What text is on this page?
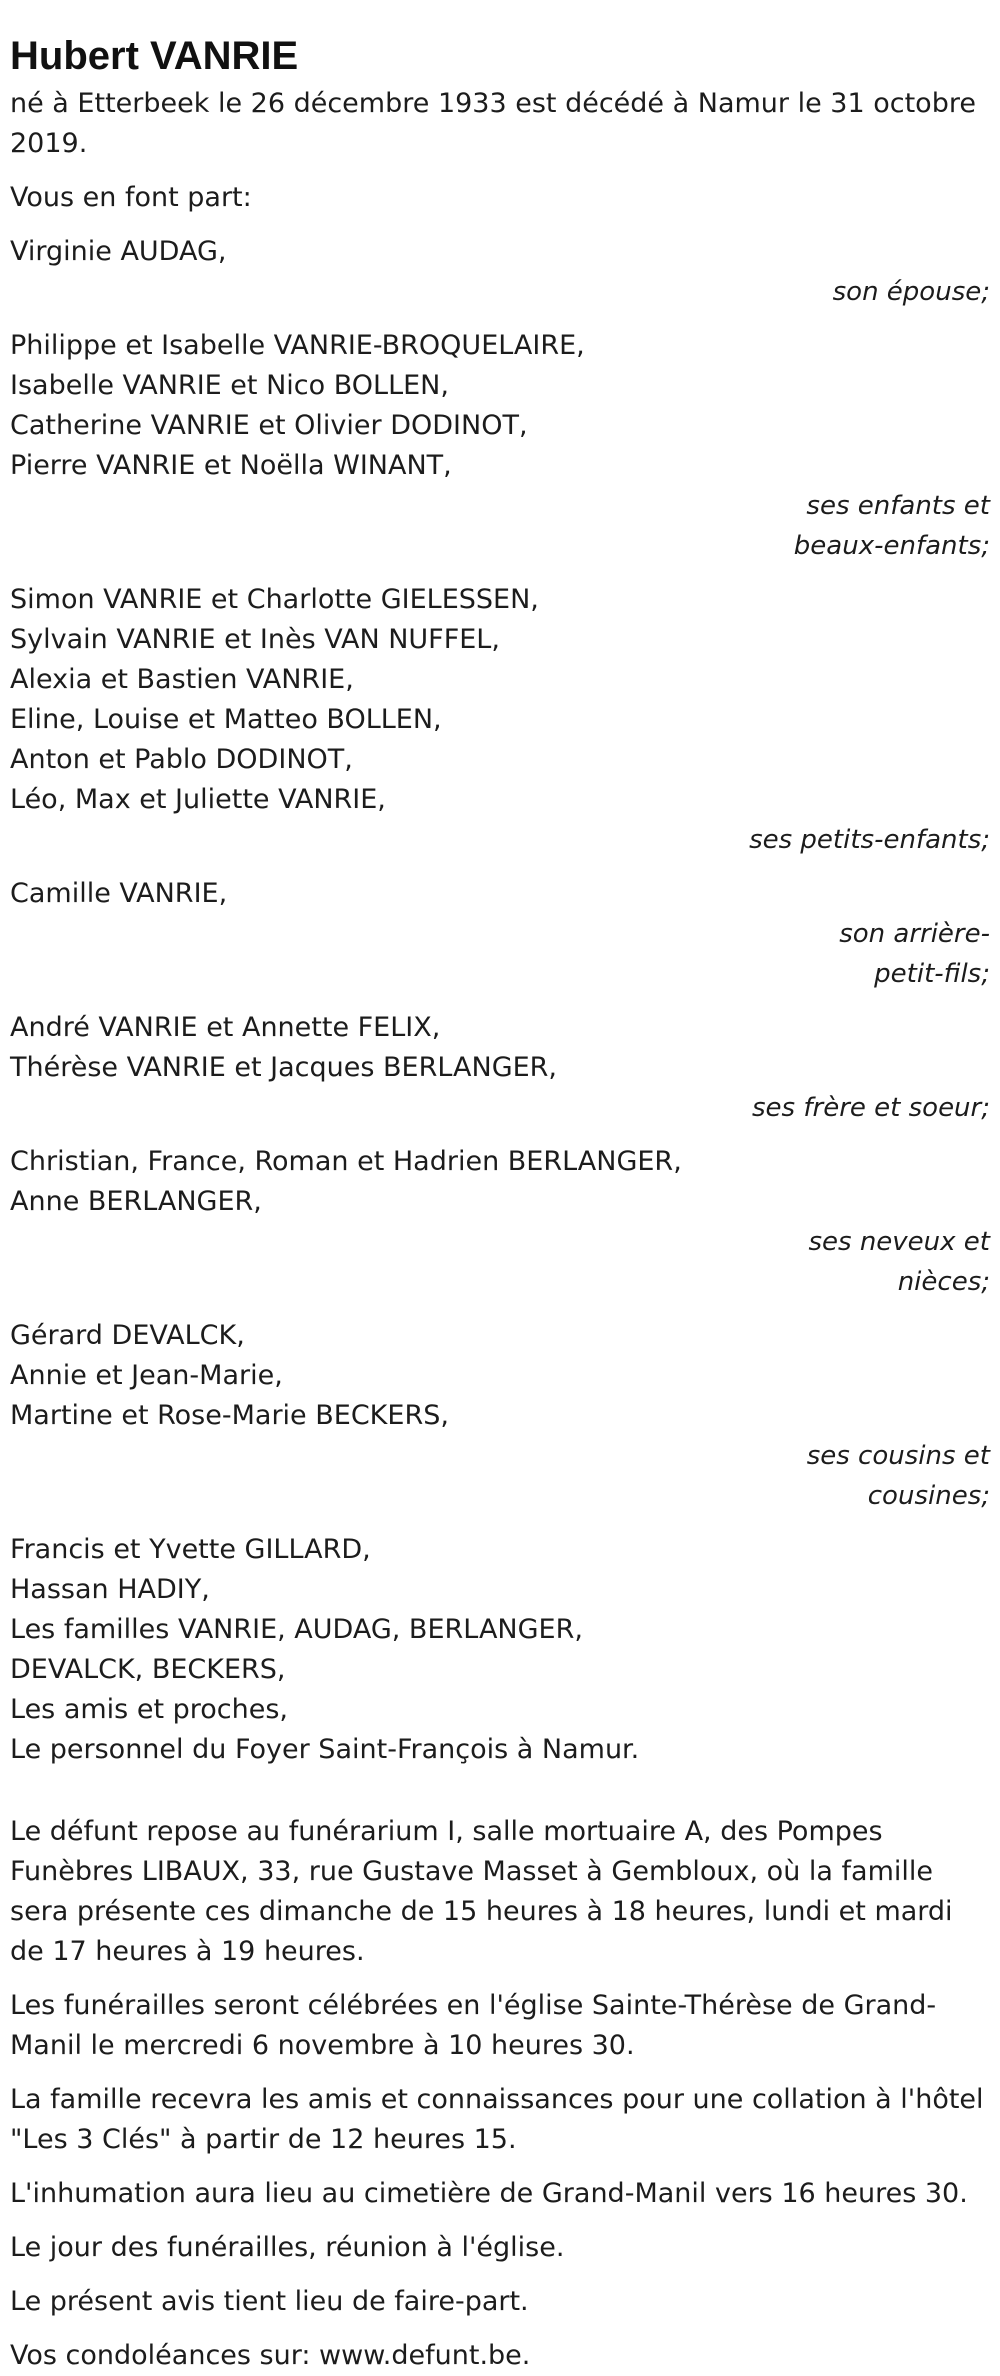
Hubert VANRIE

né à Etterbeek le 26 décembre 1933 est décédé à Namur le 31 octobre 2019.

Vous en font part:

Virginie AUDAG,
son épouse;
Philippe et Isabelle VANRIE-BROQUELAIRE,
Isabelle VANRIE et Nico BOLLEN,
Catherine VANRIE et Olivier DODINOT,
Pierre VANRIE et Noëlla WINANT,
ses enfants et beaux-enfants;
Simon VANRIE et Charlotte GIELESSEN,
Sylvain VANRIE et Inès VAN NUFFEL,
Alexia et Bastien VANRIE,
Eline, Louise et Matteo BOLLEN,
Anton et Pablo DODINOT,
Léo, Max et Juliette VANRIE,
ses petits-enfants;
Camille VANRIE,
son arrière-petit-fils;
André VANRIE et Annette FELIX,
Thérèse VANRIE et Jacques BERLANGER,
ses frère et soeur;
Christian, France, Roman et Hadrien BERLANGER,
Anne BERLANGER,
ses neveux et nièces;
Gérard DEVALCK,
Annie et Jean-Marie,
Martine et Rose-Marie BECKERS,
ses cousins et cousines;
Francis et Yvette GILLARD,
Hassan HADIY,
Les familles VANRIE, AUDAG, BERLANGER,
DEVALCK, BECKERS,
Les amis et proches,
Le personnel du Foyer Saint-François à Namur.

Le défunt repose au funérarium I, salle mortuaire A, des Pompes Funèbres LIBAUX, 33, rue Gustave Masset à Gembloux, où la famille sera présente ces dimanche de 15 heures à 18 heures, lundi et mardi de 17 heures à 19 heures.

Les funérailles seront célébrées en l'église Sainte-Thérèse de Grand-Manil le mercredi 6 novembre à 10 heures 30.

La famille recevra les amis et connaissances pour une collation à l'hôtel "Les 3 Clés" à partir de 12 heures 15.

L'inhumation aura lieu au cimetière de Grand-Manil vers 16 heures 30.

Le jour des funérailles, réunion à l'église.

Le présent avis tient lieu de faire-part.

Vos condoléances sur: www.defunt.be.
